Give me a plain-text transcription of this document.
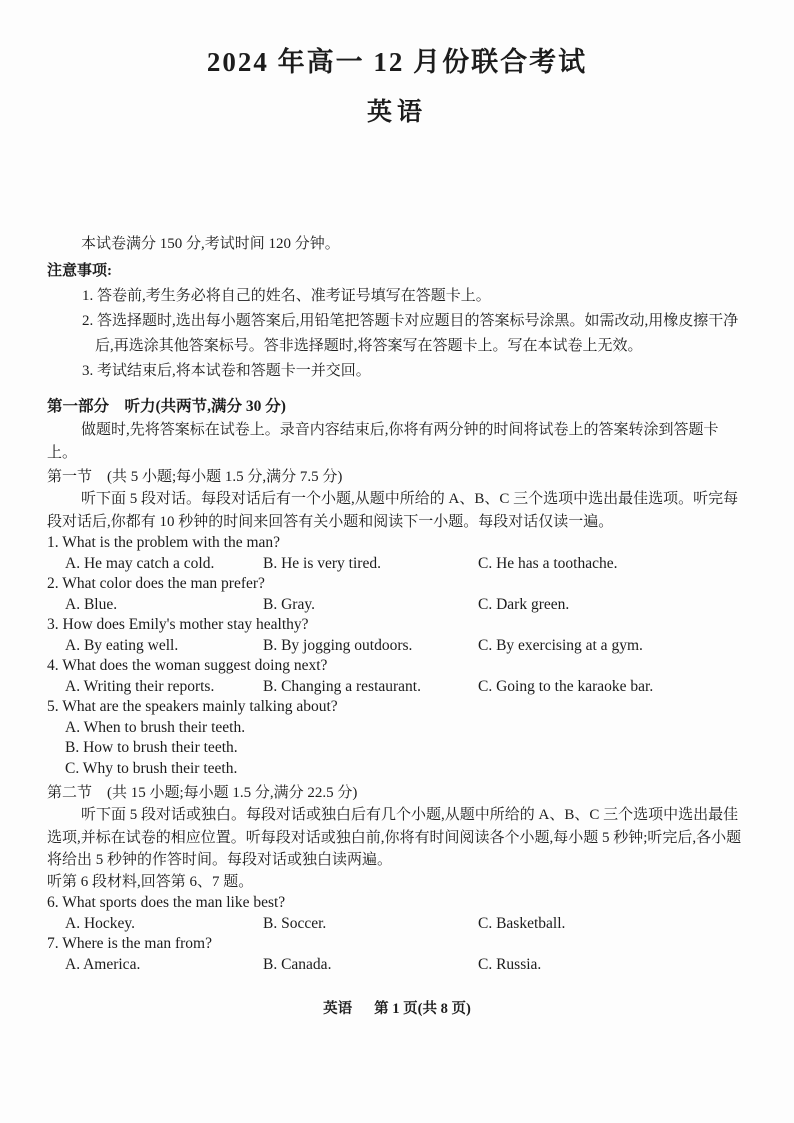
2024 年高一 12 月份联合考试
英语
本试卷满分 150 分,考试时间 120 分钟。
注意事项:
1. 答卷前,考生务必将自己的姓名、准考证号填写在答题卡上。
2. 答选择题时,选出每小题答案后,用铅笔把答题卡对应题目的答案标号涂黑。如需改动,用橡皮擦干净后,再选涂其他答案标号。答非选择题时,将答案写在答题卡上。写在本试卷上无效。
3. 考试结束后,将本试卷和答题卡一并交回。
第一部分　听力(共两节,满分 30 分)
做题时,先将答案标在试卷上。录音内容结束后,你将有两分钟的时间将试卷上的答案转涂到答题卡上。
第一节　(共 5 小题;每小题 1.5 分,满分 7.5 分)
听下面 5 段对话。每段对话后有一个小题,从题中所给的 A、B、C 三个选项中选出最佳选项。听完每段对话后,你都有 10 秒钟的时间来回答有关小题和阅读下一小题。每段对话仅读一遍。
1. What is the problem with the man?
A. He may catch a cold.	B. He is very tired.	C. He has a toothache.
2. What color does the man prefer?
A. Blue.	B. Gray.	C. Dark green.
3. How does Emily's mother stay healthy?
A. By eating well.	B. By jogging outdoors.	C. By exercising at a gym.
4. What does the woman suggest doing next?
A. Writing their reports.	B. Changing a restaurant.	C. Going to the karaoke bar.
5. What are the speakers mainly talking about?
A. When to brush their teeth.
B. How to brush their teeth.
C. Why to brush their teeth.
第二节　(共 15 小题;每小题 1.5 分,满分 22.5 分)
听下面 5 段对话或独白。每段对话或独白后有几个小题,从题中所给的 A、B、C 三个选项中选出最佳选项,并标在试卷的相应位置。听每段对话或独白前,你将有时间阅读各个小题,每小题 5 秒钟;听完后,各小题将给出 5 秒钟的作答时间。每段对话或独白读两遍。
听第 6 段材料,回答第 6、7 题。
6. What sports does the man like best?
A. Hockey.	B. Soccer.	C. Basketball.
7. Where is the man from?
A. America.	B. Canada.	C. Russia.
英语 第 1 页(共 8 页)
